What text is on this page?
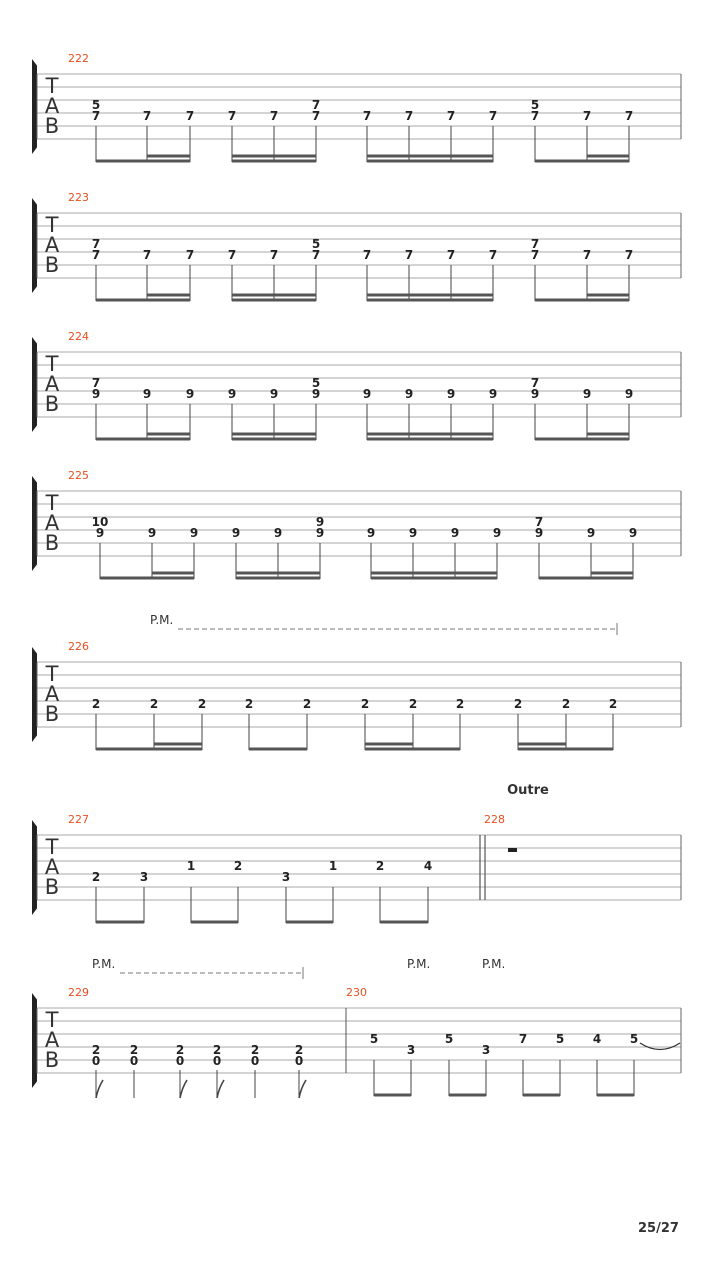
T
A
B
222
5
7	7	7	7	7
7
7	7	7	7	7
5
7	7	7
T
A
B
223
7
7	7	7	7	7
5
7	7	7	7	7
7
7	7	7
T
A
B
224
7
9	9	9	9	9
5
9	9	9	9	9
7
9	9	9
T
A
B
225
10
9	9	9	9	9
9
9	9	9	9	9
7
9	9	9
T
A
B
P.M.
226
2	2	2	2	2	2	2	2	2	2	2
T
A
B
Outre
227	228
2	3
1	2
3
1	2	4
T
A
B
P.M.	P.M.	P.M.
229	230
2
0
2
0
2
0
2
0
2
0
2
0
5
3
5
3
7 5 4 5
25/27
